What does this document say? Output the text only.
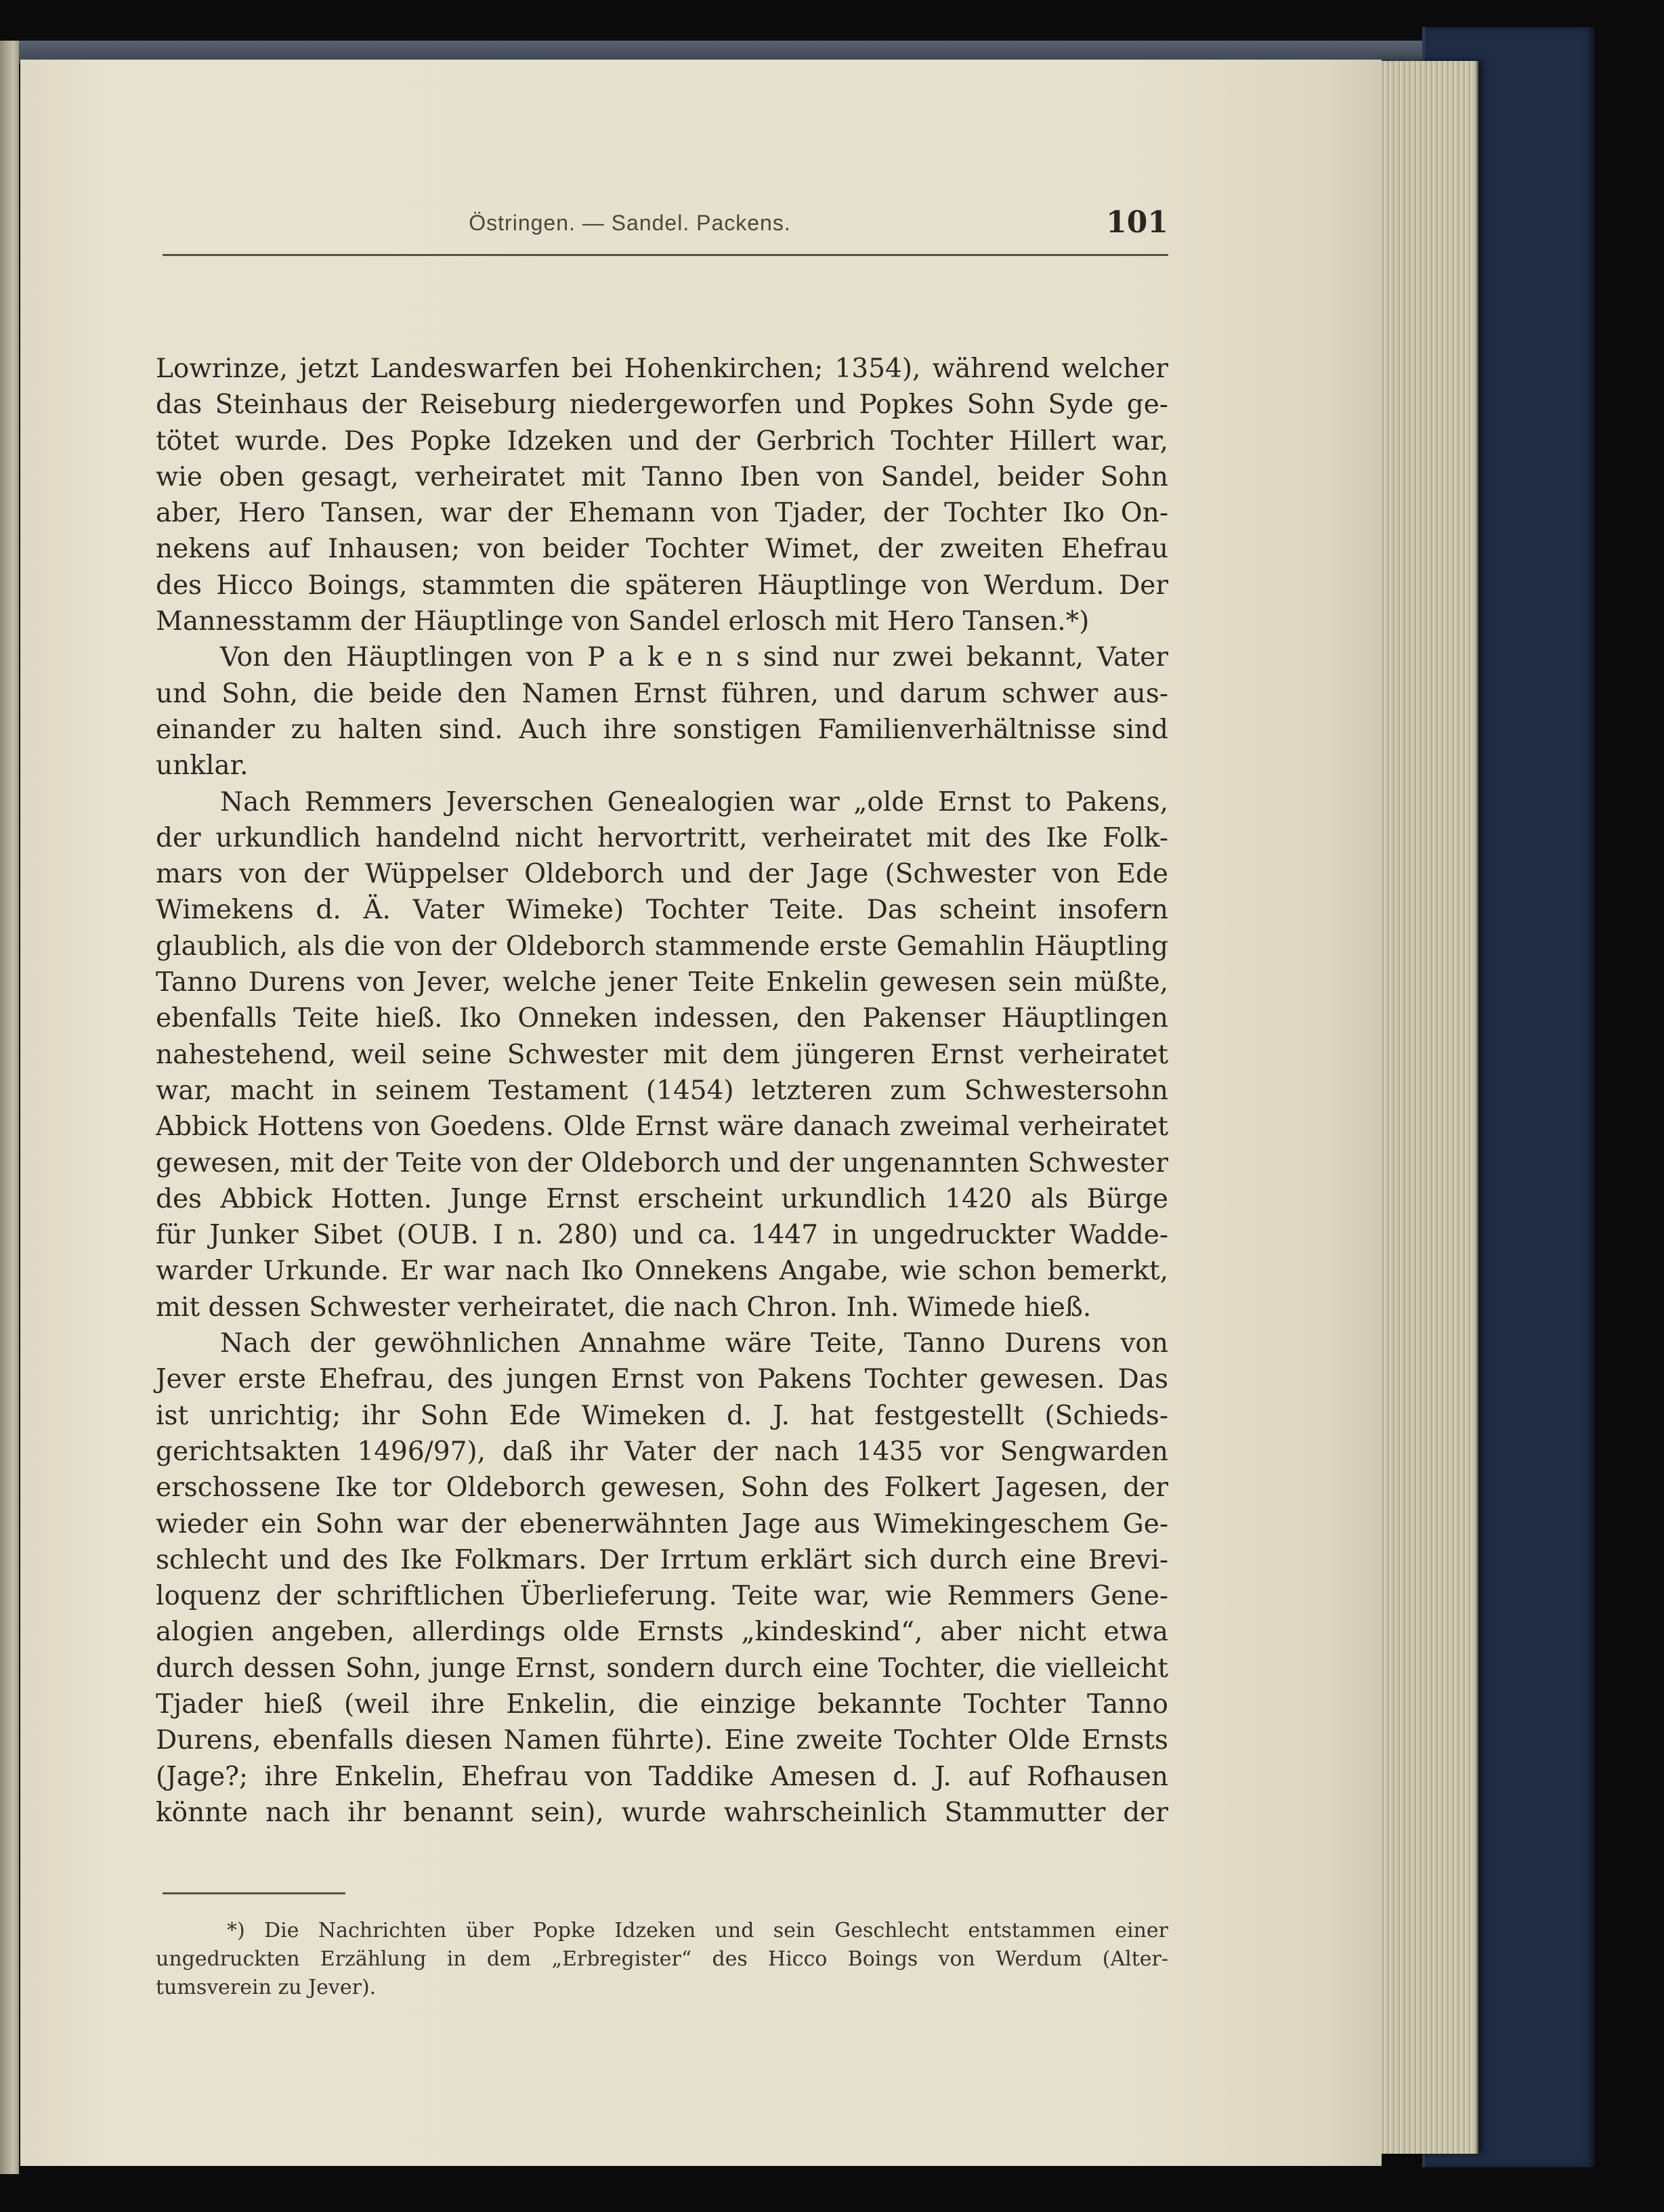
Östringen. — Sandel. Packens.	101
Lowrinze, jetzt Landeswarfen bei Hohenkirchen; 1354), während welcher
das Steinhaus der Reiseburg niedergeworfen und Popkes Sohn Syde ge-
tötet wurde. Des Popke Idzeken und der Gerbrich Tochter Hillert war,
wie oben gesagt, verheiratet mit Tanno Iben von Sandel, beider Sohn
aber, Hero Tansen, war der Ehemann von Tjader, der Tochter Iko On-
nekens auf Inhausen; von beider Tochter Wimet, der zweiten Ehefrau
des Hicco Boings, stammten die späteren Häuptlinge von Werdum. Der
Mannesstamm der Häuptlinge von Sandel erlosch mit Hero Tansen.*)
Von den Häuptlingen von P a k e n s sind nur zwei bekannt, Vater
und Sohn, die beide den Namen Ernst führen, und darum schwer aus-
einander zu halten sind. Auch ihre sonstigen Familienverhältnisse sind
unklar.
Nach Remmers Jeverschen Genealogien war „olde Ernst to Pakens,
der urkundlich handelnd nicht hervortritt, verheiratet mit des Ike Folk-
mars von der Wüppelser Oldeborch und der Jage (Schwester von Ede
Wimekens d. Ä. Vater Wimeke) Tochter Teite. Das scheint insofern
glaublich, als die von der Oldeborch stammende erste Gemahlin Häuptling
Tanno Durens von Jever, welche jener Teite Enkelin gewesen sein müßte,
ebenfalls Teite hieß. Iko Onneken indessen, den Pakenser Häuptlingen
nahestehend, weil seine Schwester mit dem jüngeren Ernst verheiratet
war, macht in seinem Testament (1454) letzteren zum Schwestersohn
Abbick Hottens von Goedens. Olde Ernst wäre danach zweimal verheiratet
gewesen, mit der Teite von der Oldeborch und der ungenannten Schwester
des Abbick Hotten. Junge Ernst erscheint urkundlich 1420 als Bürge
für Junker Sibet (OUB. I n. 280) und ca. 1447 in ungedruckter Wadde-
warder Urkunde. Er war nach Iko Onnekens Angabe, wie schon bemerkt,
mit dessen Schwester verheiratet, die nach Chron. Inh. Wimede hieß.
Nach der gewöhnlichen Annahme wäre Teite, Tanno Durens von
Jever erste Ehefrau, des jungen Ernst von Pakens Tochter gewesen. Das
ist unrichtig; ihr Sohn Ede Wimeken d. J. hat festgestellt (Schieds-
gerichtsakten 1496/97), daß ihr Vater der nach 1435 vor Sengwarden
erschossene Ike tor Oldeborch gewesen, Sohn des Folkert Jagesen, der
wieder ein Sohn war der ebenerwähnten Jage aus Wimekingeschem Ge-
schlecht und des Ike Folkmars. Der Irrtum erklärt sich durch eine Brevi-
loquenz der schriftlichen Überlieferung. Teite war, wie Remmers Gene-
alogien angeben, allerdings olde Ernsts „kindeskind“, aber nicht etwa
durch dessen Sohn, junge Ernst, sondern durch eine Tochter, die vielleicht
Tjader hieß (weil ihre Enkelin, die einzige bekannte Tochter Tanno
Durens, ebenfalls diesen Namen führte). Eine zweite Tochter Olde Ernsts
(Jage?; ihre Enkelin, Ehefrau von Taddike Amesen d. J. auf Rofhausen
könnte nach ihr benannt sein), wurde wahrscheinlich Stammutter der
*) Die Nachrichten über Popke Idzeken und sein Geschlecht entstammen einer
ungedruckten Erzählung in dem „Erbregister“ des Hicco Boings von Werdum (Alter-
tumsverein zu Jever).
